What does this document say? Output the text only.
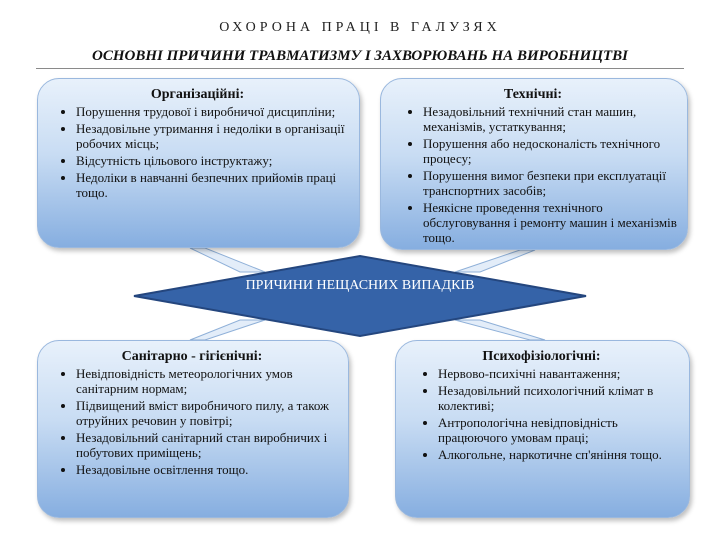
ОХОРОНА ПРАЦІ В ГАЛУЗЯХ
ОСНОВНІ ПРИЧИНИ ТРАВМАТИЗМУ І ЗАХВОРЮВАНЬ НА ВИРОБНИЦТВІ
ПРИЧИНИ НЕЩАСНИХ ВИПАДКІВ
Організаційні:
• Порушення трудової і виробничої дисципліни;
• Незадовільне утримання і недоліки в організації робочих місць;
• Відсутність цільового інструктажу;
• Недоліки в навчанні безпечних прийомів праці тощо.
Технічні:
• Незадовільний технічний стан машин, механізмів, устаткування;
• Порушення або недосконалість технічного процесу;
• Порушення вимог безпеки при експлуатації транспортних засобів;
• Неякісне проведення технічного обслуговування і ремонту машин і механізмів тощо.
Санітарно - гігієнічні:
• Невідповідність метеорологічних умов санітарним нормам;
• Підвищений вміст виробничого пилу, а також отруйних речовин у повітрі;
• Незадовільний санітарний стан виробничих і побутових приміщень;
• Незадовільне освітлення тощо.
Психофізіологічні:
• Нервово-психічні навантаження;
• Незадовільний психологічний клімат в колективі;
• Антропологічна невідповідність працюючого умовам праці;
• Алкогольне, наркотичне сп'яніння тощо.
